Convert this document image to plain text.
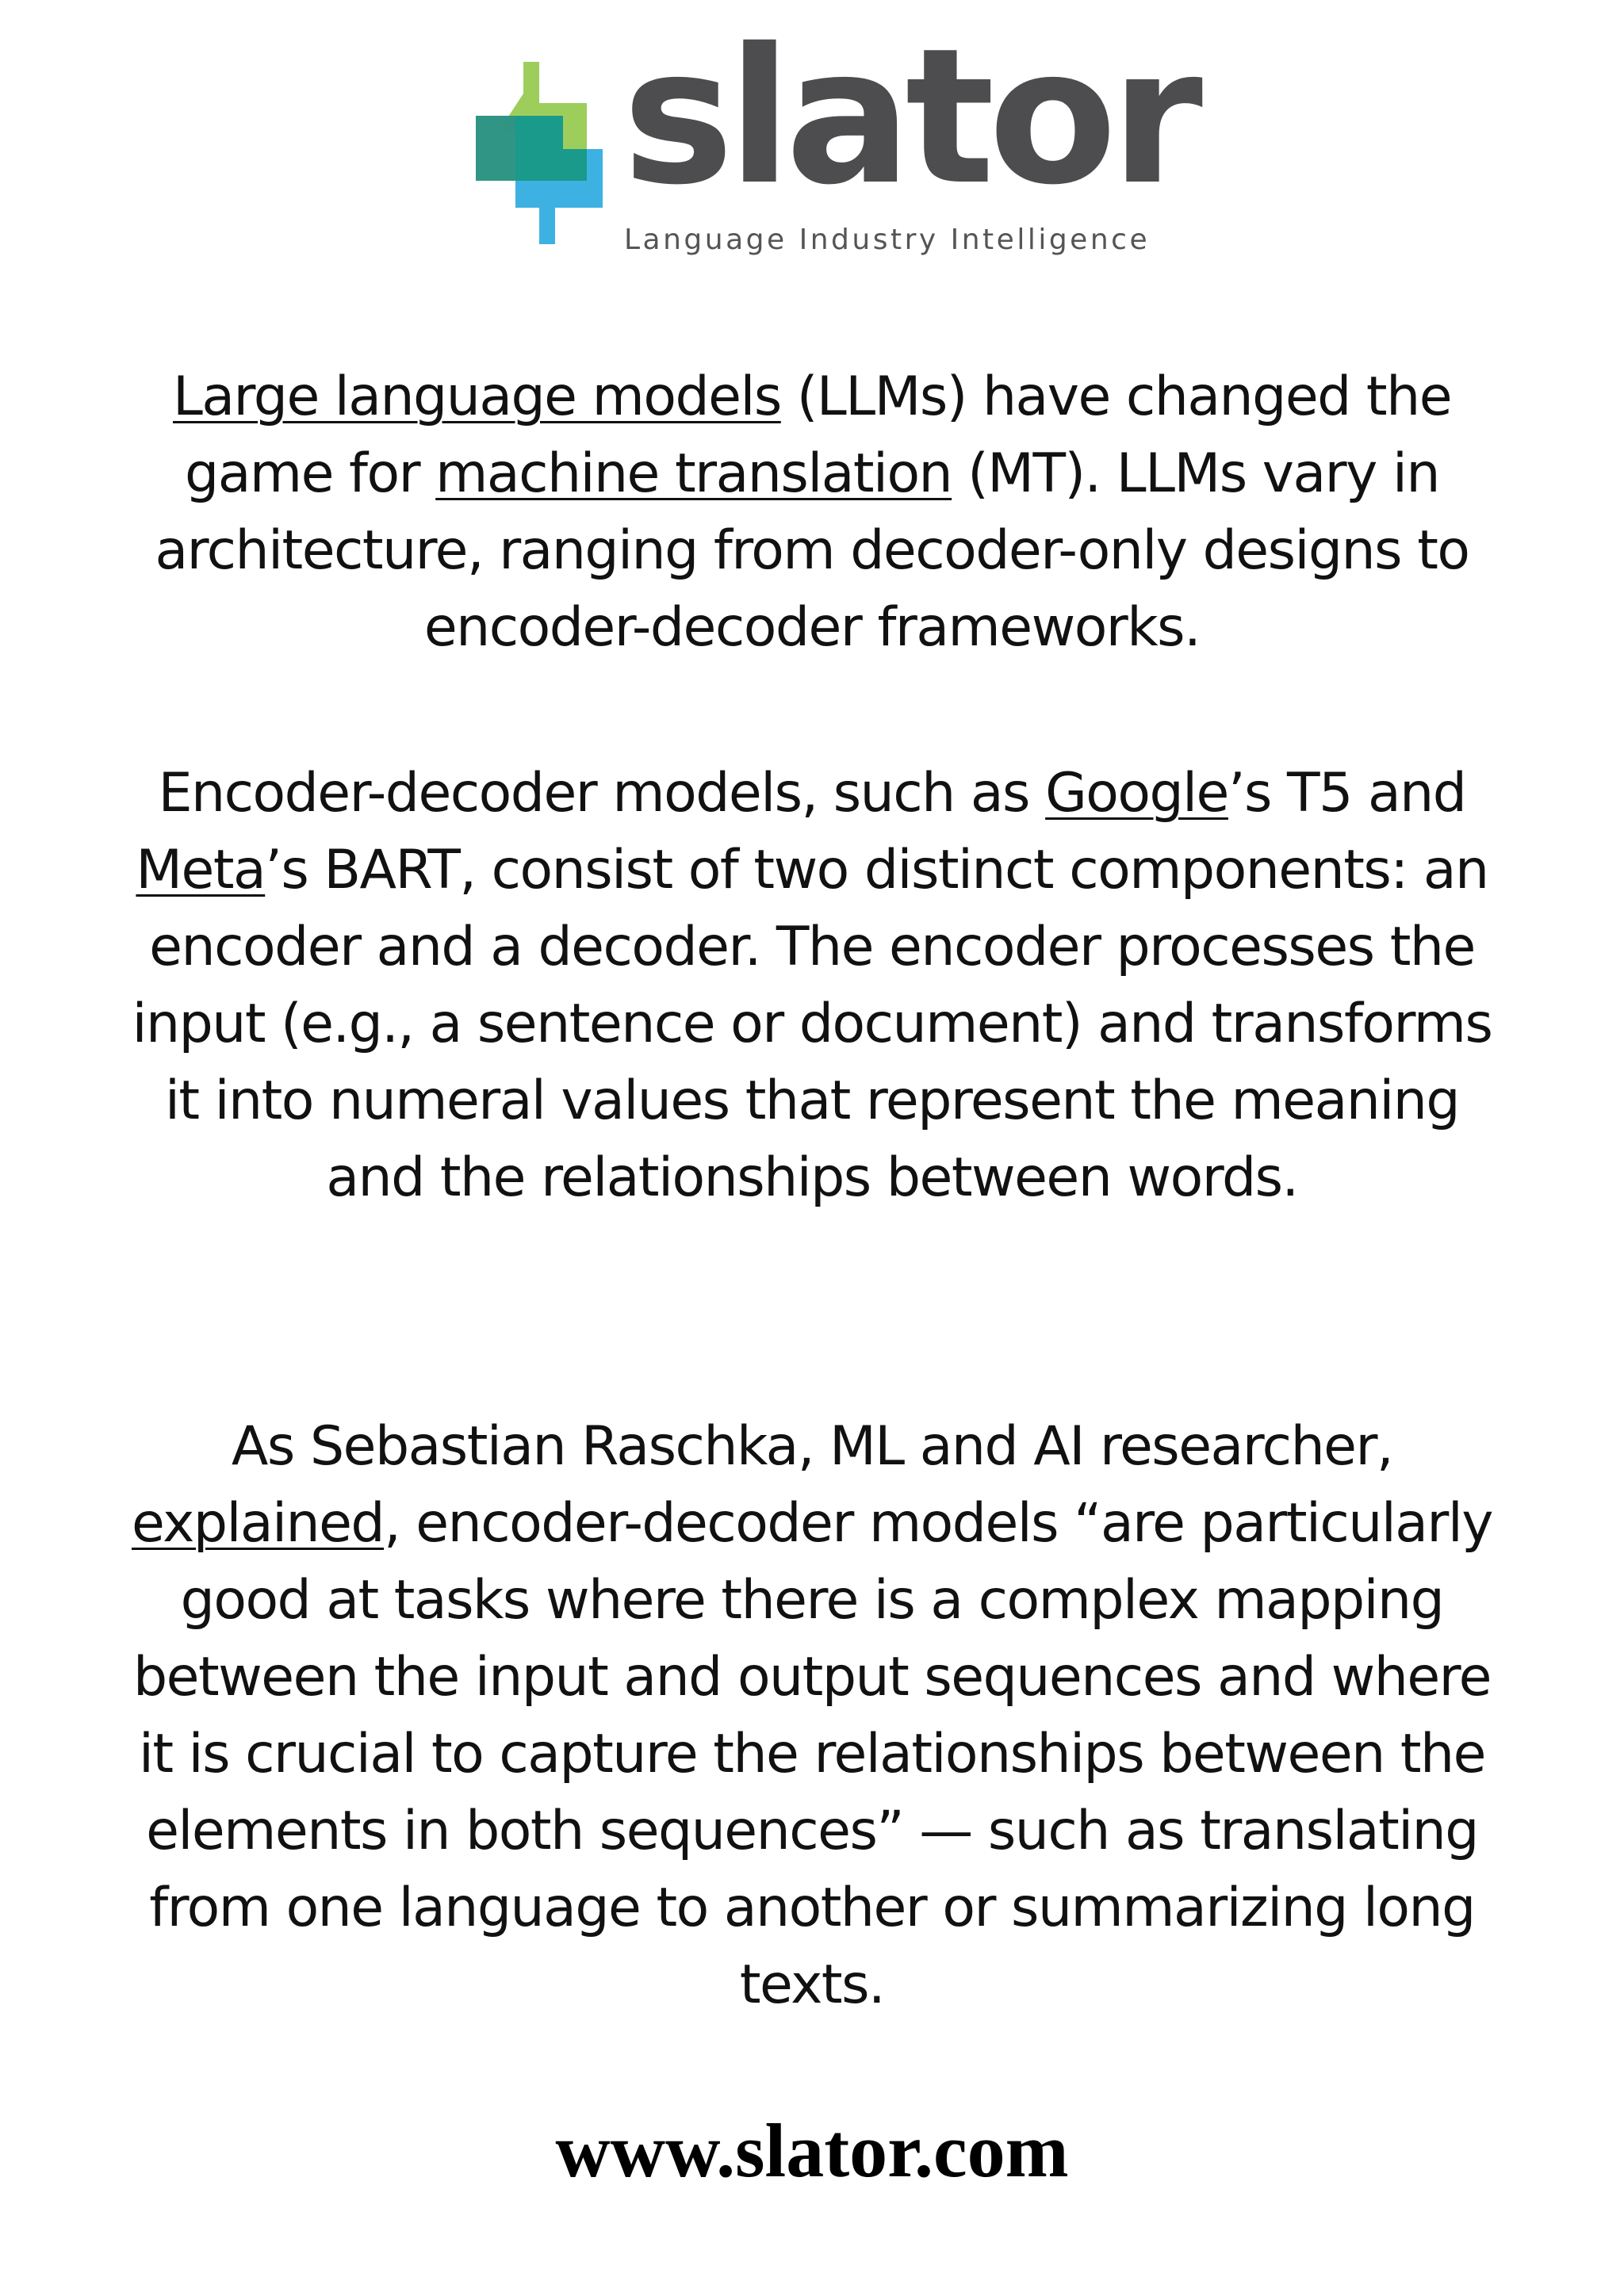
slator
Language Industry Intelligence
Large language models (LLMs) have changed the game for machine translation (MT). LLMs vary in architecture, ranging from decoder-only designs to encoder-decoder frameworks.
Encoder-decoder models, such as Google’s T5 and Meta’s BART, consist of two distinct components: an encoder and a decoder. The encoder processes the input (e.g., a sentence or document) and transforms it into numeral values that represent the meaning and the relationships between words.
As Sebastian Raschka, ML and AI researcher, explained, encoder-decoder models “are particularly good at tasks where there is a complex mapping between the input and output sequences and where it is crucial to capture the relationships between the elements in both sequences” — such as translating from one language to another or summarizing long texts.
www.slator.com
